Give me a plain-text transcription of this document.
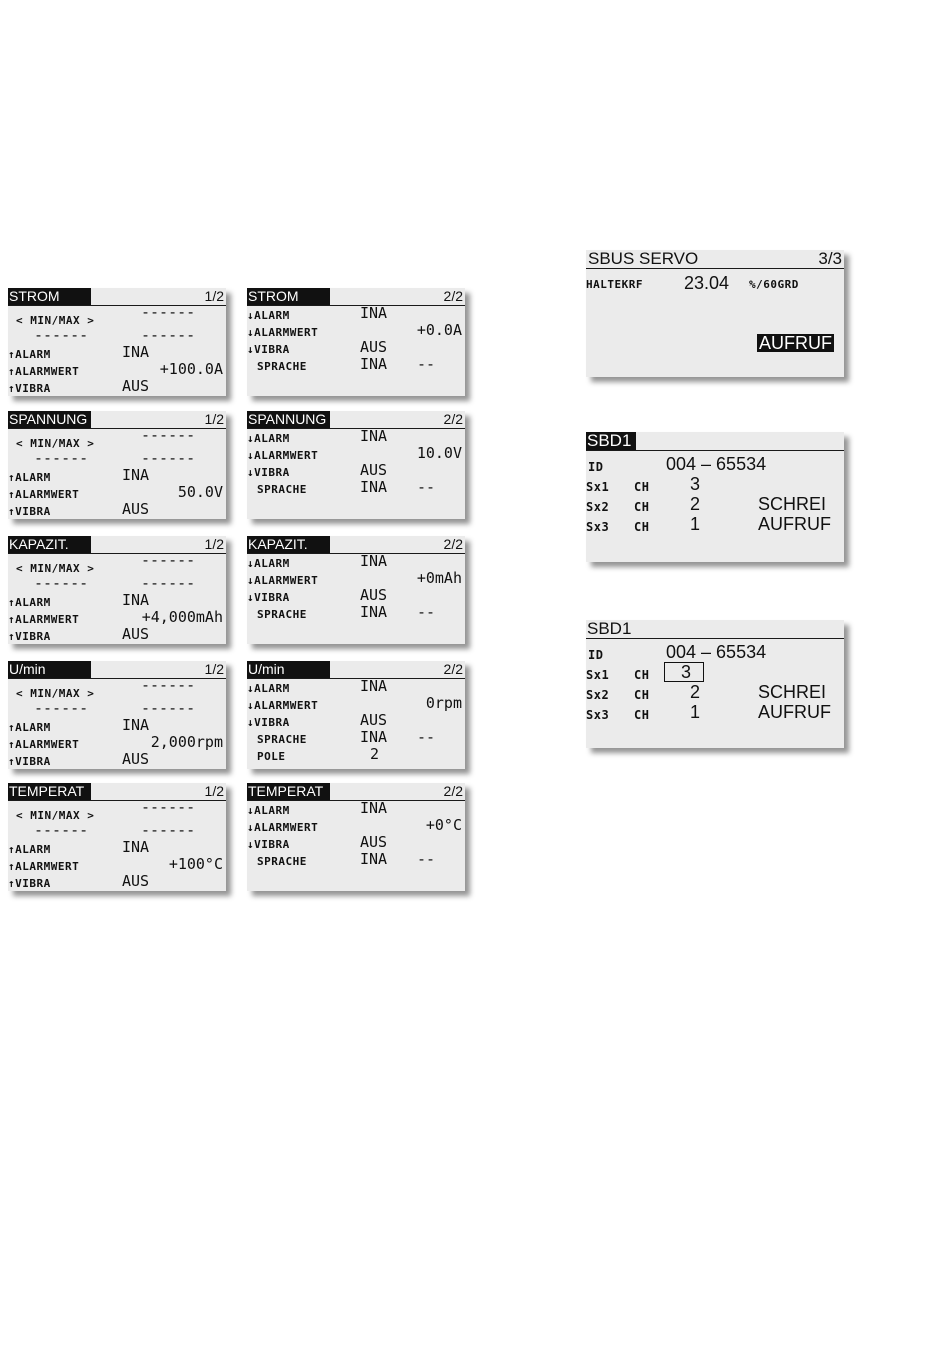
STROM	1/2
< MIN/MAX >	------
------	------
↑ALARM	INA
↑ALARMWERT	+100.0A
↑VIBRA	AUS
SPANNUNG	1/2
< MIN/MAX >	------
------	------
↑ALARM	INA
↑ALARMWERT	50.0V
↑VIBRA	AUS
KAPAZIT.	1/2
< MIN/MAX >	------
------	------
↑ALARM	INA
↑ALARMWERT	+4,000mAh
↑VIBRA	AUS
U/min	1/2
< MIN/MAX >	------
------	------
↑ALARM	INA
↑ALARMWERT	2,000rpm
↑VIBRA	AUS
TEMPERAT	1/2
< MIN/MAX >	------
------	------
↑ALARM	INA
↑ALARMWERT	+100°C
↑VIBRA	AUS
STROM	2/2
↓ALARM	INA
↓ALARMWERT	+0.0A
↓VIBRA	AUS
SPRACHE	INA --
SPANNUNG	2/2
↓ALARM	INA
↓ALARMWERT	10.0V
↓VIBRA	AUS
SPRACHE	INA --
KAPAZIT.	2/2
↓ALARM	INA
↓ALARMWERT	+0mAh
↓VIBRA	AUS
SPRACHE	INA --
U/min	2/2
↓ALARM	INA
↓ALARMWERT	0rpm
↓VIBRA	AUS
SPRACHE	INA --
POLE	2
TEMPERAT	2/2
↓ALARM	INA
↓ALARMWERT	+0°C
↓VIBRA	AUS
SPRACHE	INA --
SBUS SERVO	3/3
HALTEKRF 23.04 %/60GRD
AUFRUF
SBD1
ID	004 – 65534
Sx1 CH 3
Sx2 CH 2	SCHREI
Sx3 CH 1	AUFRUF
SBD1
ID	004 – 65534
Sx1 CH	3
Sx2 CH 2	SCHREI
Sx3 CH 1	AUFRUF
